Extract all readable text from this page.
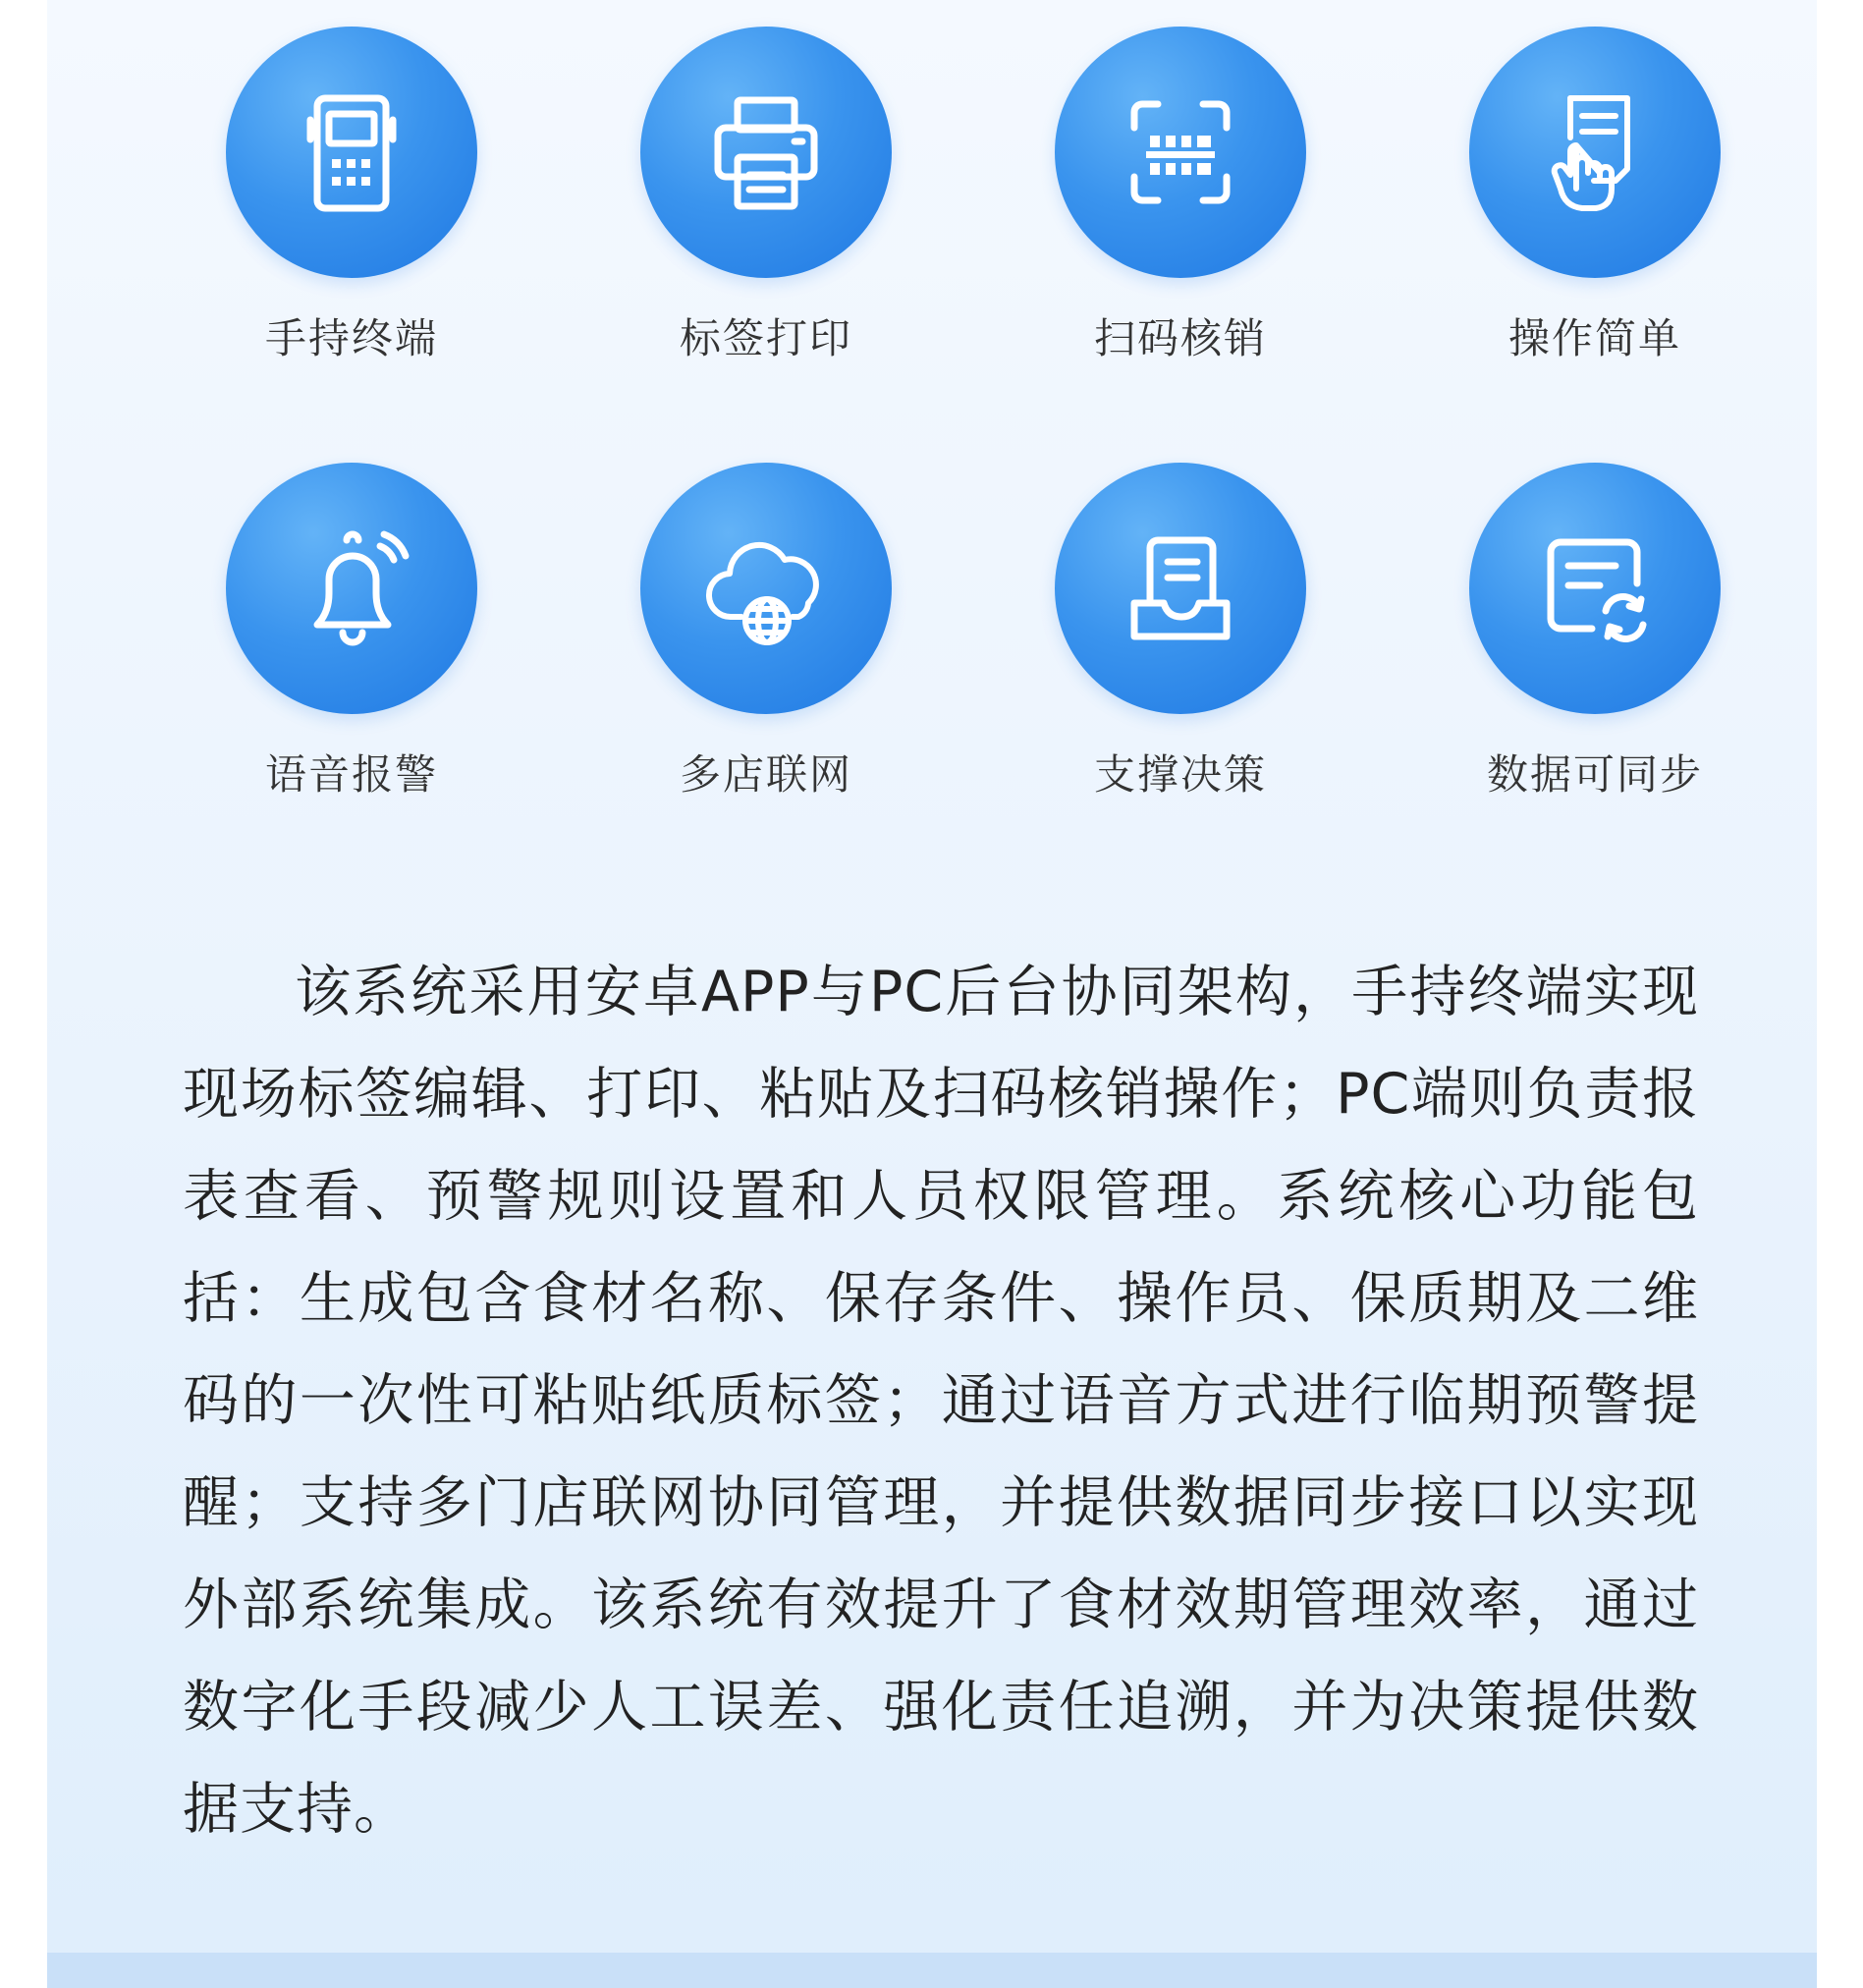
手持终端	标签打印	扫码核销	操作简单
语音报警	多店联网	支撑决策	数据可同步

该系统采用安卓APP与PC后台协同架构，手持终端实现现场标签编辑、打印、粘贴及扫码核销操作；PC端则负责报表查看、预警规则设置和人员权限管理。系统核心功能包括：生成包含食材名称、保存条件、操作员、保质期及二维码的一次性可粘贴纸质标签；通过语音方式进行临期预警提醒；支持多门店联网协同管理，并提供数据同步接口以实现外部系统集成。该系统有效提升了食材效期管理效率，通过数字化手段减少人工误差、强化责任追溯，并为决策提供数据支持。
